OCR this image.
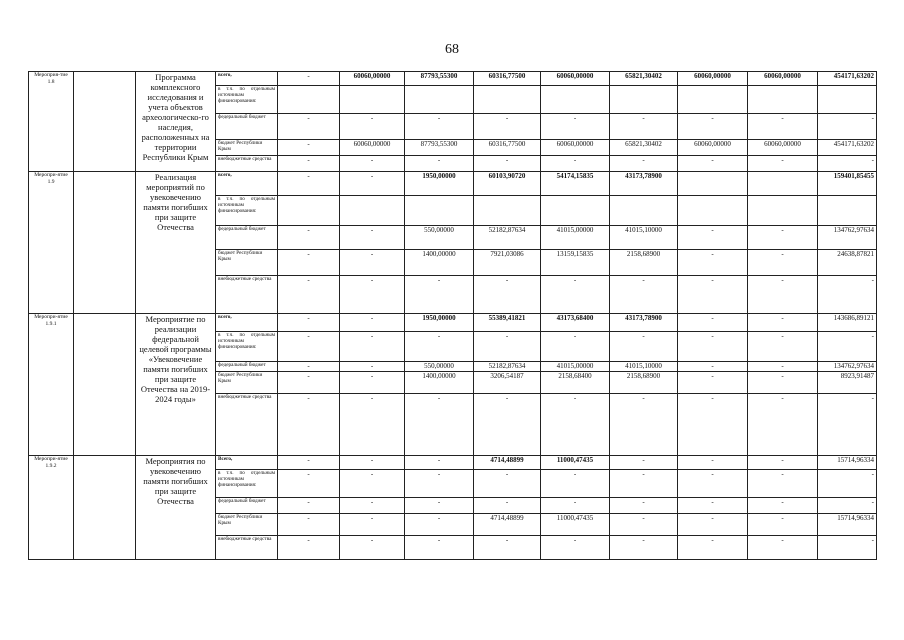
68
Мероприя-тие 1.8		Программа комплексного исследования и учета объектов археологическо-го наследия, расположенных на территории Республики Крым	всего,	-	60060,00000	87793,55300	60316,77500	60060,00000	65821,30402	60060,00000	60060,00000	454171,63202
			в т.ч. по отдельным источникам финансирования:									
			федеральный бюджет	-	-	-	-	-	-	-	-	-
			бюджет Республики Крым	-	60060,00000	87793,55300	60316,77500	60060,00000	65821,30402	60060,00000	60060,00000	454171,63202
			внебюджетные средства	-	-	-	-	-	-	-	-	-
Меропри-ятие 1.9		Реализация мероприятий по увековечению памяти погибших при защите Отечества	всего,	-	-	1950,00000	60103,90720	54174,15835	43173,78900			159401,85455
			в т.ч. по отдельным источникам финансирования:									
			федеральный бюджет	-	-	550,00000	52182,87634	41015,00000	41015,10000	-	-	134762,97634
			бюджет Республики Крым	-	-	1400,00000	7921,03086	13159,15835	2158,68900	-	-	24638,87821
			внебюджетные средства	-	-	-	-	-	-	-	-	-
Меропри-ятие 1.9.1		Мероприятие по реализации федеральной целевой программы «Увековечение памяти погибших при защите Отечества на 2019-2024 годы»	всего,	-	-	1950,00000	55389,41821	43173,68400	43173,78900	-	-	143686,89121
			в т.ч. по отдельным источникам финансирования:	-	-	-	-	-	-	-	-	-
			федеральный бюджет	-	-	550,00000	52182,87634	41015,00000	41015,10000	-	-	134762,97634
			бюджет Республики Крым	-	-	1400,00000	3206,54187	2158,68400	2158,68900	-	-	8923,91487
			внебюджетные средства	-	-	-	-	-	-	-	-	-
Меропри-ятие 1.9.2		Мероприятия по увековечению памяти погибших при защите Отечества	Всего,	-	-	-	4714,48899	11000,47435	-	-	-	15714,96334
			в т.ч. по отдельным источникам финансирования:	-	-	-	-	-	-	-	-	-
			федеральный бюджет	-	-	-	-	-	-	-	-	-
			бюджет Республики Крым	-	-	-	4714,48899	11000,47435	-	-	-	15714,96334
			внебюджетные средства	-	-	-	-	-	-	-	-	-
